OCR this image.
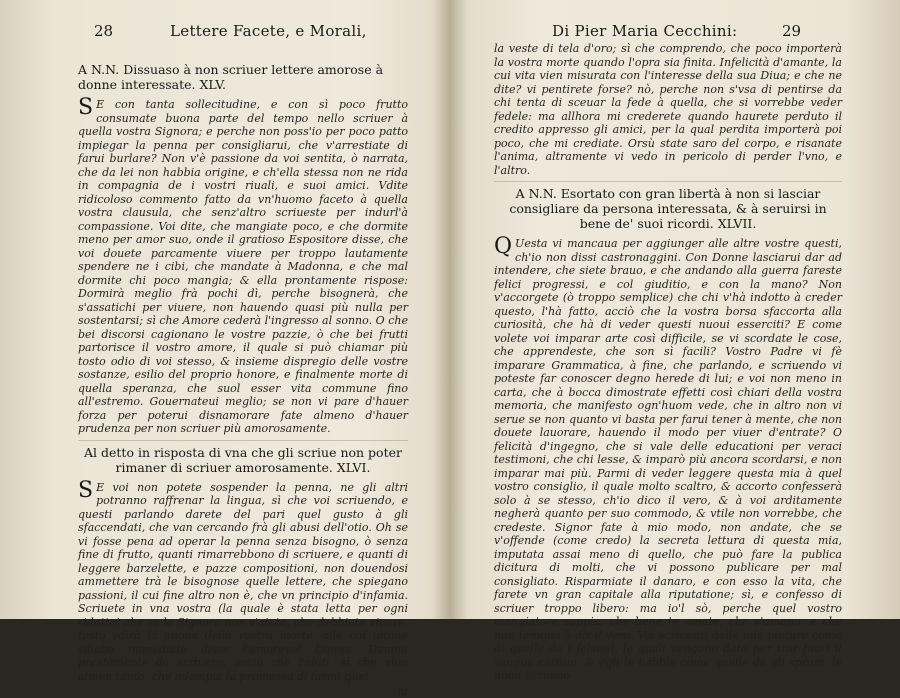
28	Lettere Facete, e Morali,
A N.N. Dissuaso à non scriuer lettere amorose à donne interessate. XLV.

S E con tanta sollecitudine, e con sì poco frutto consumate buona parte del tempo nello scriuer à quella vostra Signora; e perche non poss'io per poco patto impiegar la penna per consigliarui, che v'arrestiate di farui burlare? Non v'è passione da voi sentita, ò narrata, che da lei non habbia origine, e ch'ella stessa non ne rida in compagnia de i vostri riuali, e suoi amici. Vdite ridicoloso commento fatto da vn'huomo faceto à quella vostra clausula, che senz'altro scriueste per indurl'à compassione. Voi dite, che mangiate poco, e che dormite meno per amor suo, onde il gratioso Espositore disse, che voi douete parcamente viuere per troppo lautamente spendere ne i cibi, che mandate à Madonna, e che mal dormite chi poco mangia; & ella prontamente rispose: Dormirà meglio frà pochi dì, perche bisognerà, che s'assatichi per viuere, non hauendo quasi più nulla per sostentarsi; sì che Amore cederà l'ingresso al sonno. O che bei discorsi cagionano le vostre pazzie, ò che bei frutti partorisce il vostro amore, il quale si può chiamar più tosto odio di voi stesso, & insieme dispregio delle vostre sostanze, esilio del proprio honore, e finalmente morte di quella speranza, che suol esser vita commune fino all'estremo. Gouernateui meglio; se non vi pare d'hauer forza per poterui disnamorare fate almeno d'hauer prudenza per non scriuer più amorosamente.

Al detto in risposta di vna che gli scriue non poter rimaner di scriuer amorosamente. XLVI.

S E voi non potete sospender la penna, ne gli altri potranno raffrenar la lingua, sì che voi scriuendo, e questi parlando darete del pari quel gusto à gli sfaccendati, che van cercando frà gli abusi dell'otio. Oh se vi fosse pena ad operar la penna senza bisogno, ò senza fine di frutto, quanti rimarrebbono di scriuere, e quanti di leggere barzelette, e pazze compositioni, non douendosi ammettere trà le bisognose quelle lettere, che spiegano passioni, il cui fine altro non è, che vn principio d'infamia. Scriuete in vna vostra (la quale è stata letta per ogni ridotto) che se la Signora non v'aiuta, che debbiate viuere, tosto vdirà la nuoua della vostra morte, alle cui ultime sillabe immediate disse l'amorevol Donna. Dammi prestamente da scriuere, acciò che l'aiuti, sì che viua almen tanto, che adempia la promessa di farmi quel-

la
Di Pier Maria Cecchini:	29

la veste di tela d'oro; sì che comprendo, che poco importerà la vostra morte quando l'opra sia finita. Infelicità d'amante, la cui vita vien misurata con l'interesse della sua Diua; e che ne dite? vi pentirete forse? nò, perche non s'vsa di pentirse da chi tenta di sceuar la fede à quella, che si vorrebbe veder fedele: ma allhora mi crederete quando haurete perduto il credito appresso gli amici, per la qual perdita importerà poi poco, che mi crediate. Orsù state saro del corpo, e risanate l'anima, altramente vi vedo in pericolo di perder l'vno, e l'altro.

A N.N. Esortato con gran libertà à non si lasciar consigliare da persona interessata, & à seruirsi in bene de' suoi ricordi. XLVII.

Q Uesta vi mancaua per aggiunger alle altre vostre questi, ch'io non dissi castronaggini. Con Donne lasciarui dar ad intendere, che siete brauo, e che andando alla guerra fareste felici progressi, e col giuditio, e con la mano? Non v'accorgete (ò troppo semplice) che chi v'hà indotto à creder questo, l'hà fatto, acciò che la vostra borsa sfaccorta alla curiosità, che hà di veder questi nuoui esserciti? E come volete voi imparar arte così difficile, se vi scordate le cose, che apprendeste, che son sì facili? Vostro Padre vi fè imparare Grammatica, à fine, che parlando, e scriuendo vi poteste far conoscer degno herede di lui; e voi non meno in carta, che à bocca dimostrate effetti così chiari della vostra memoria, che manifesto ogn'huom vede, che in altro non vi serue se non quanto vi basta per farui tener à mente, che non douete lauorare, hauendo il modo per viuer d'entrate? O felicità d'ingegno, che si vale delle educationi per veraci testimoni, che chi lesse, & imparò più ancora scordarsi, e non imparar mai più. Parmi di veder leggere questa mia à quel vostro consiglio, il quale molto scaltro, & accorto confesserà solo à se stesso, ch'io dico il vero, & à voi arditamente negherà quanto per suo commodo, & vtile non vorrebbe, che credeste. Signor fate à mio modo, non andate, che se v'offende (come credo) la secreta lettura di questa mia, imputata assai meno di quello, che può fare la publica dicitura di molti, che vi possono publicare per mal consigliato. Risparmiate il danaro, e con esso la vita, che farete vn gran capitale alla riputatione; sì, e confesso di scriuer troppo libero: ma io'l sò, perche quel vostro mangiatore sappia, che bene te amate, che v'amano, e che non temono à dir il vero. Voi scriuenti delle mie pinture come di quelle de i falsissi, le quali vengono date per trar fuori il sangue cattiuo; & egli le habbia come quelle de gli sproni, le quali seruono
